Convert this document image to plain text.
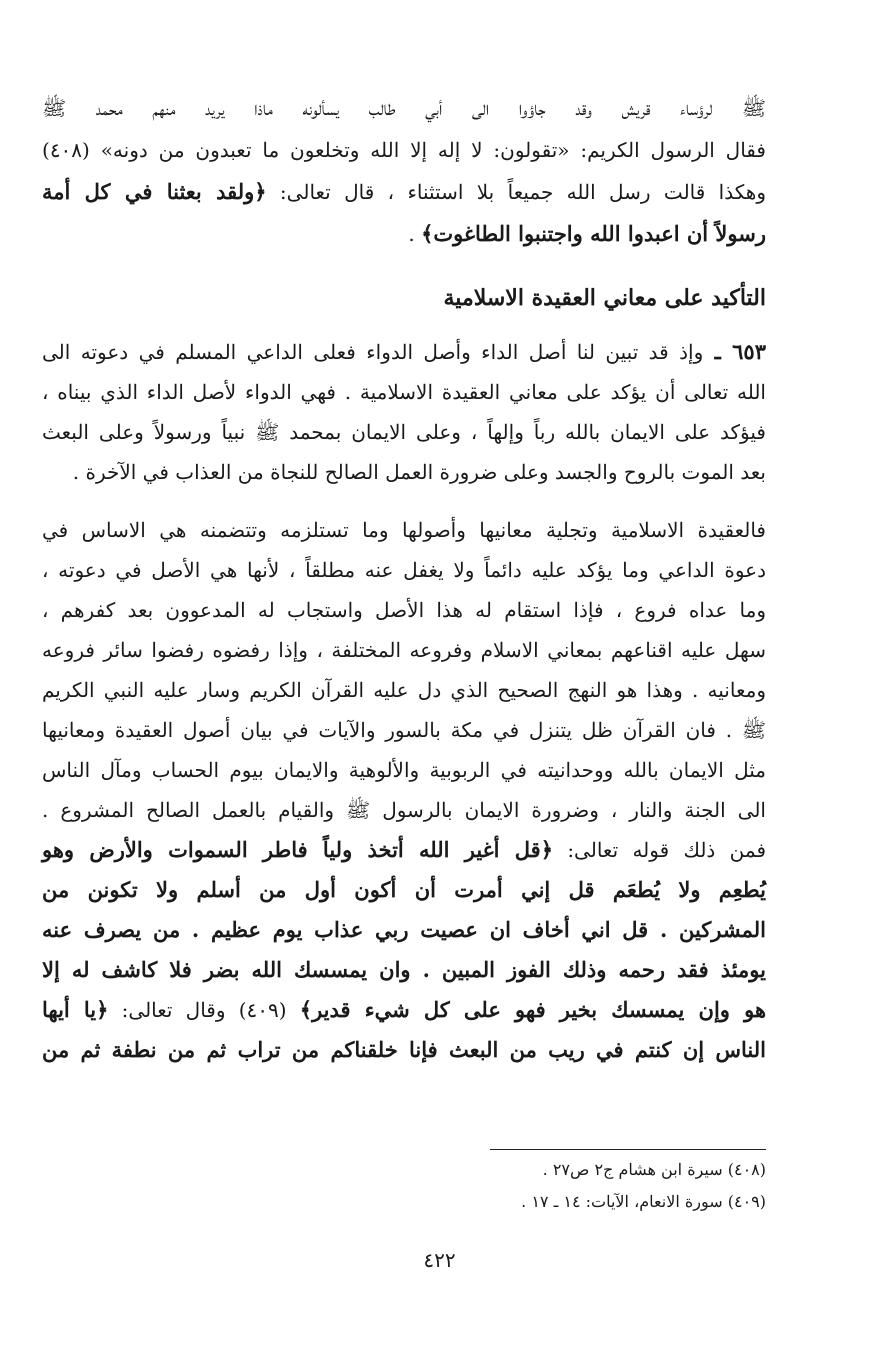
ﷺ لرؤساء قريش وقد جاؤوا الى أبي طالب يسألونه ماذا يريد منهم محمد ﷺ
فقال الرسول الكريم: «تقولون: لا إله إلا الله وتخلعون ما تعبدون من دونه» (٤٠٨)
وهكذا قالت رسل الله جميعاً بلا استثناء ، قال تعالى: ﴿ولقد بعثنا في كل أمة
رسولاً أن اعبدوا الله واجتنبوا الطاغوت﴾ .
التأكيد على معاني العقيدة الاسلامية
٦٥٣ ـ وإذ قد تبين لنا أصل الداء وأصل الدواء فعلى الداعي المسلم في دعوته الى
الله تعالى أن يؤكد على معاني العقيدة الاسلامية . فهي الدواء لأصل الداء الذي بيناه ،
فيؤكد على الايمان بالله رباً وإلهاً ، وعلى الايمان بمحمد ﷺ نبياً ورسولاً وعلى البعث
بعد الموت بالروح والجسد وعلى ضرورة العمل الصالح للنجاة من العذاب في الآخرة .
فالعقيدة الاسلامية وتجلية معانيها وأصولها وما تستلزمه وتتضمنه هي الاساس في
دعوة الداعي وما يؤكد عليه دائماً ولا يغفل عنه مطلقاً ، لأنها هي الأصل في دعوته ،
وما عداه فروع ، فإذا استقام له هذا الأصل واستجاب له المدعوون بعد كفرهم ،
سهل عليه اقناعهم بمعاني الاسلام وفروعه المختلفة ، وإذا رفضوه رفضوا سائر فروعه
ومعانيه . وهذا هو النهج الصحيح الذي دل عليه القرآن الكريم وسار عليه النبي الكريم
ﷺ . فان القرآن ظل يتنزل في مكة بالسور والآيات في بيان أصول العقيدة ومعانيها
مثل الايمان بالله ووحدانيته في الربوبية والألوهية والايمان بيوم الحساب ومآل الناس
الى الجنة والنار ، وضرورة الايمان بالرسول ﷺ والقيام بالعمل الصالح المشروع .
فمن ذلك قوله تعالى: ﴿قل أغير الله أتخذ ولياً فاطر السموات والأرض وهو
يُطعِم ولا يُطعَم قل إني أمرت أن أكون أول من أسلم ولا تكونن من
المشركين . قل اني أخاف ان عصيت ربي عذاب يوم عظيم . من يصرف عنه
يومئذ فقد رحمه وذلك الفوز المبين . وان يمسسك الله بضر فلا كاشف له إلا
هو وإن يمسسك بخير فهو على كل شيء قدير﴾ (٤٠٩) وقال تعالى: ﴿يا أيها
الناس إن كنتم في ريب من البعث فإنا خلقناكم من تراب ثم من نطفة ثم من
(٤٠٨) سيرة ابن هشام ج٢ ص٢٧ .
(٤٠٩) سورة الانعام، الآيات: ١٤ ـ ١٧ .
٤٢٢
